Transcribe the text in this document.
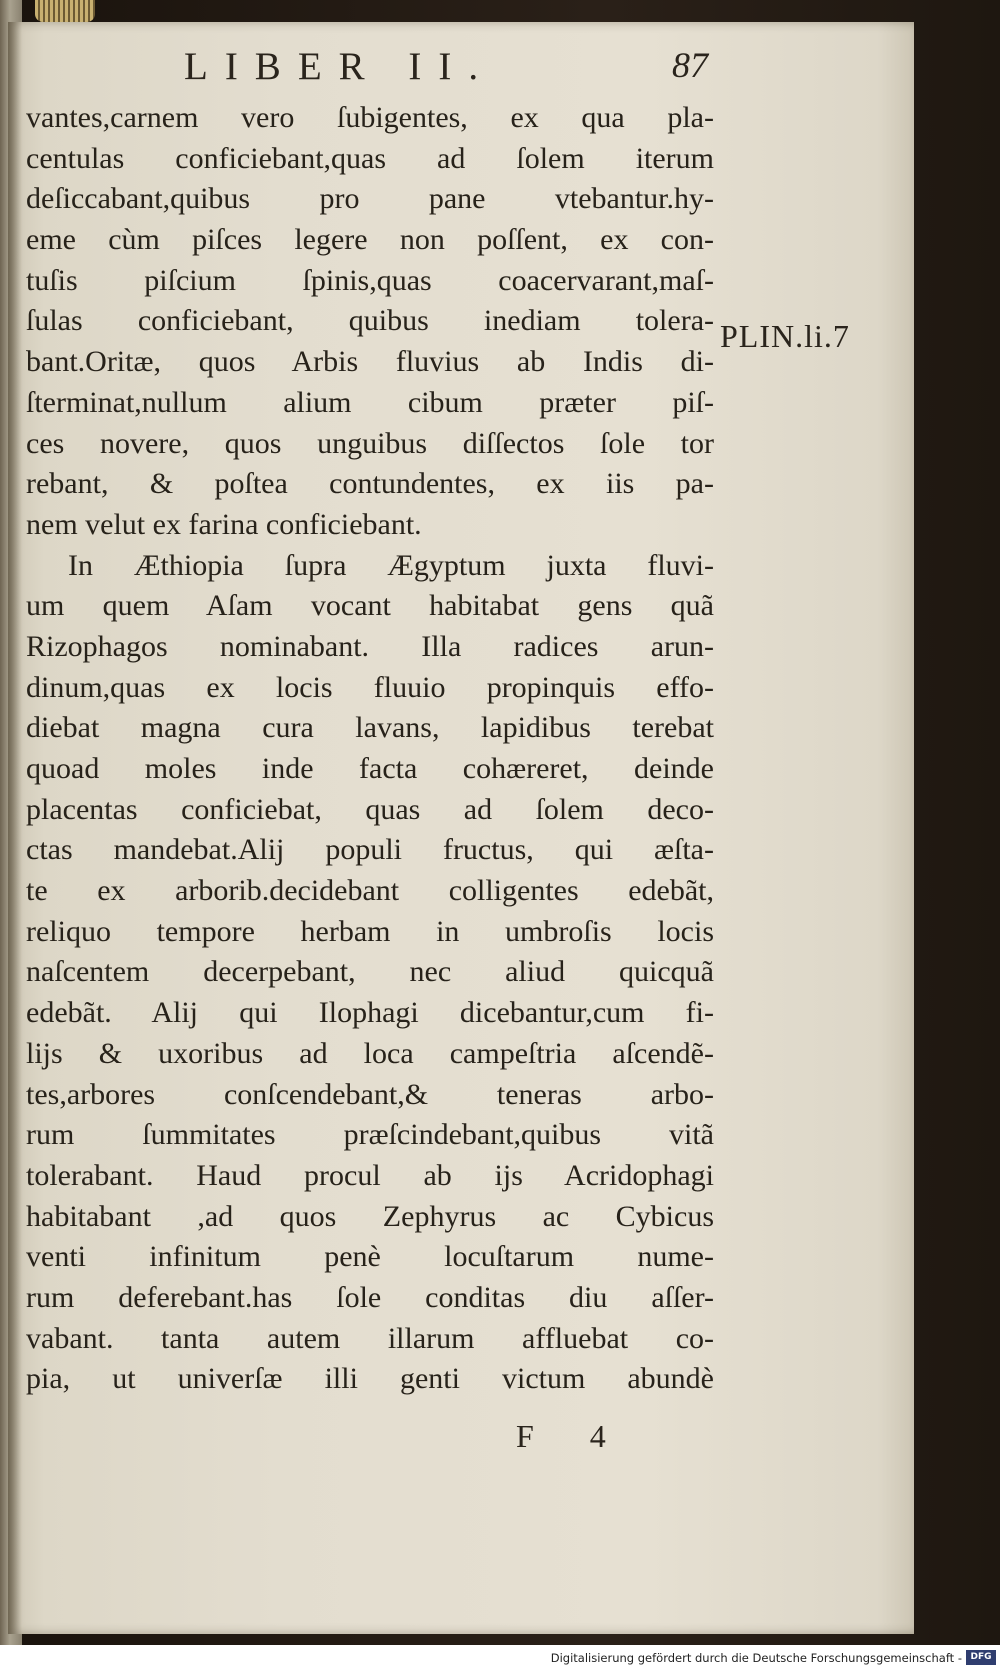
LIBER II.	87
vantes,carnem vero ſubigentes, ex qua pla-
centulas conficiebant,quas ad ſolem iterum
deſiccabant,quibus pro pane vtebantur.hy-
eme cùm piſces legere non poſſent, ex con-
tuſis piſcium ſpinis,quas coacervarant,maſ-
ſulas conficiebant, quibus inediam tolera-
bant.Oritæ, quos Arbis fluvius ab Indis di-
ſterminat,nullum alium cibum præter piſ-
ces novere, quos unguibus diſſectos ſole tor
rebant, & poſtea contundentes, ex iis pa-
nem velut ex farina conficiebant.
In Æthiopia ſupra Ægyptum juxta fluvi-
um quem Aſam vocant habitabat gens quã
Rizophagos nominabant. Illa radices arun-
dinum,quas ex locis fluuio propinquis effo-
diebat magna cura lavans, lapidibus terebat
quoad moles inde facta cohæreret, deinde
placentas conficiebat, quas ad ſolem deco-
ctas mandebat.Alij populi fructus, qui æſta-
te ex arborib.decidebant colligentes edebãt,
reliquo tempore herbam in umbroſis locis
naſcentem decerpebant, nec aliud quicquã
edebãt. Alij qui Ilophagi dicebantur,cum fi-
lijs & uxoribus ad loca campeſtria aſcendẽ-
tes,arbores conſcendebant,& teneras arbo-
rum ſummitates præſcindebant,quibus vitã
tolerabant. Haud procul ab ijs Acridophagi
habitabant ,ad quos Zephyrus ac Cybicus
venti infinitum penè locuſtarum nume-
rum deferebant.has ſole conditas diu aſſer-
vabant. tanta autem illarum affluebat co-
pia, ut univerſæ illi genti victum abundè
PLIN.li.7
F 4
Digitalisierung gefördert durch die Deutsche Forschungsgemeinschaft - DFG
